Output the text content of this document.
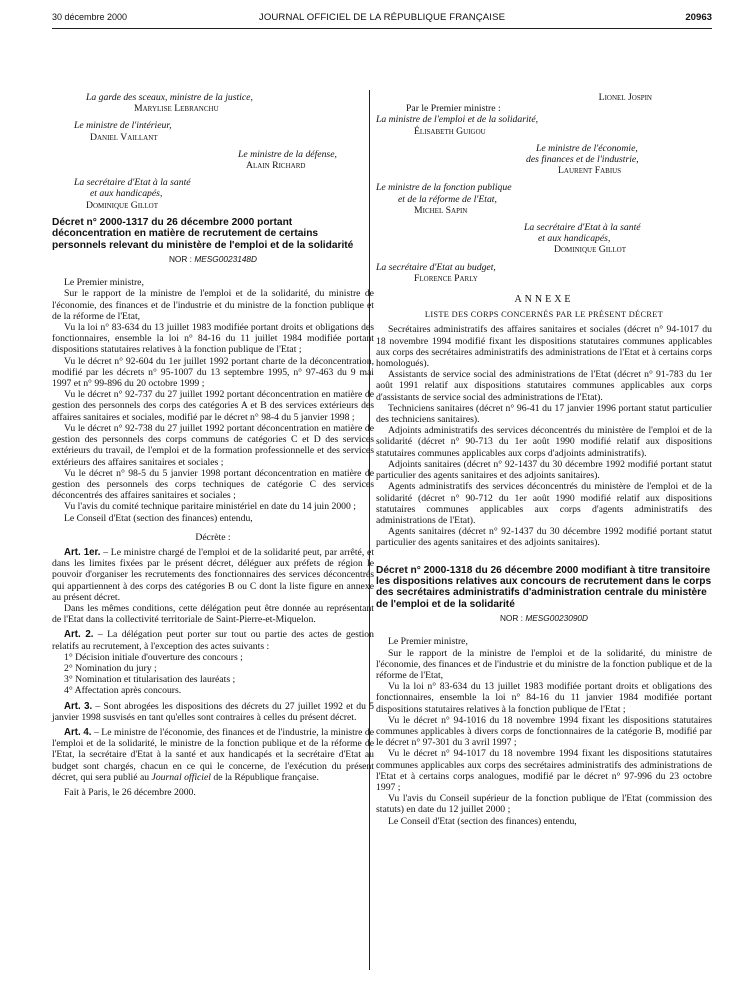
30 décembre 2000	JOURNAL OFFICIEL DE LA RÉPUBLIQUE FRANÇAISE	20963
La garde des sceaux, ministre de la justice,
Marylise Lebranchu
Le ministre de l'intérieur,
Daniel Vaillant
Le ministre de la défense,
Alain Richard
La secrétaire d'Etat à la santé
et aux handicapés,
Dominique Gillot
Décret n° 2000-1317 du 26 décembre 2000 portant déconcentration en matière de recrutement de certains personnels relevant du ministère de l'emploi et de la solidarité
NOR : MESG0023148D

Le Premier ministre,

Sur le rapport de la ministre de l'emploi et de la solidarité, du ministre de l'économie, des finances et de l'industrie et du ministre de la fonction publique et de la réforme de l'Etat,

Vu la loi n° 83-634 du 13 juillet 1983 modifiée portant droits et obligations des fonctionnaires, ensemble la loi n° 84-16 du 11 juillet 1984 modifiée portant dispositions statutaires relatives à la fonction publique de l'Etat ;

Vu le décret n° 92-604 du 1er juillet 1992 portant charte de la déconcentration, modifié par les décrets n° 95-1007 du 13 septembre 1995, n° 97-463 du 9 mai 1997 et n° 99-896 du 20 octobre 1999 ;

Vu le décret n° 92-737 du 27 juillet 1992 portant déconcentration en matière de gestion des personnels des corps des catégories A et B des services extérieurs des affaires sanitaires et sociales, modifié par le décret n° 98-4 du 5 janvier 1998 ;

Vu le décret n° 92-738 du 27 juillet 1992 portant déconcentration en matière de gestion des personnels des corps communs de catégories C et D des services extérieurs du travail, de l'emploi et de la formation professionnelle et des services extérieurs des affaires sanitaires et sociales ;

Vu le décret n° 98-5 du 5 janvier 1998 portant déconcentration en matière de gestion des personnels des corps techniques de catégorie C des services déconcentrés des affaires sanitaires et sociales ;

Vu l'avis du comité technique paritaire ministériel en date du 14 juin 2000 ;

Le Conseil d'Etat (section des finances) entendu,

Décrète :

Art. 1er. – Le ministre chargé de l'emploi et de la solidarité peut, par arrêté, et dans les limites fixées par le présent décret, déléguer aux préfets de région le pouvoir d'organiser les recrutements des fonctionnaires des services déconcentrés qui appartiennent à des corps des catégories B ou C dont la liste figure en annexe au présent décret.

Dans les mêmes conditions, cette délégation peut être donnée au représentant de l'Etat dans la collectivité territoriale de Saint-Pierre-et-Miquelon.

Art. 2. – La délégation peut porter sur tout ou partie des actes de gestion relatifs au recrutement, à l'exception des actes suivants :

1° Décision initiale d'ouverture des concours ;

2° Nomination du jury ;

3° Nomination et titularisation des lauréats ;

4° Affectation après concours.

Art. 3. – Sont abrogées les dispositions des décrets du 27 juillet 1992 et du 5 janvier 1998 susvisés en tant qu'elles sont contraires à celles du présent décret.

Art. 4. – Le ministre de l'économie, des finances et de l'industrie, la ministre de l'emploi et de la solidarité, le ministre de la fonction publique et de la réforme de l'Etat, la secrétaire d'Etat à la santé et aux handicapés et la secrétaire d'Etat au budget sont chargés, chacun en ce qui le concerne, de l'exécution du présent décret, qui sera publié au Journal officiel de la République française.

Fait à Paris, le 26 décembre 2000.

Lionel Jospin
Par le Premier ministre :
La ministre de l'emploi et de la solidarité,
Élisabeth Guigou
Le ministre de l'économie,
des finances et de l'industrie,
Laurent Fabius
Le ministre de la fonction publique
et de la réforme de l'Etat,
Michel Sapin
La secrétaire d'Etat à la santé
et aux handicapés,
Dominique Gillot
La secrétaire d'Etat au budget,
Florence Parly
ANNEXE
LISTE DES CORPS CONCERNÉS PAR LE PRÉSENT DÉCRET

Secrétaires administratifs des affaires sanitaires et sociales (décret n° 94-1017 du 18 novembre 1994 modifié fixant les dispositions statutaires communes applicables aux corps des secrétaires administratifs des administrations de l'Etat et à certains corps homologués).

Assistants de service social des administrations de l'Etat (décret n° 91-783 du 1er août 1991 relatif aux dispositions statutaires communes applicables aux corps d'assistants de service social des administrations de l'Etat).

Techniciens sanitaires (décret n° 96-41 du 17 janvier 1996 portant statut particulier des techniciens sanitaires).

Adjoints administratifs des services déconcentrés du ministère de l'emploi et de la solidarité (décret n° 90-713 du 1er août 1990 modifié relatif aux dispositions statutaires communes applicables aux corps d'adjoints administratifs).

Adjoints sanitaires (décret n° 92-1437 du 30 décembre 1992 modifié portant statut particulier des agents sanitaires et des adjoints sanitaires).

Agents administratifs des services déconcentrés du ministère de l'emploi et de la solidarité (décret n° 90-712 du 1er août 1990 modifié relatif aux dispositions statutaires communes applicables aux corps d'agents administratifs des administrations de l'Etat).

Agents sanitaires (décret n° 92-1437 du 30 décembre 1992 modifié portant statut particulier des agents sanitaires et des adjoints sanitaires).

Décret n° 2000-1318 du 26 décembre 2000 modifiant à titre transitoire les dispositions relatives aux concours de recrutement dans le corps des secrétaires administratifs d'administration centrale du ministère de l'emploi et de la solidarité
NOR : MESG0023090D

Le Premier ministre,

Sur le rapport de la ministre de l'emploi et de la solidarité, du ministre de l'économie, des finances et de l'industrie et du ministre de la fonction publique et de la réforme de l'Etat,

Vu la loi n° 83-634 du 13 juillet 1983 modifiée portant droits et obligations des fonctionnaires, ensemble la loi n° 84-16 du 11 janvier 1984 modifiée portant dispositions statutaires relatives à la fonction publique de l'Etat ;

Vu le décret n° 94-1016 du 18 novembre 1994 fixant les dispositions statutaires communes applicables à divers corps de fonctionnaires de la catégorie B, modifié par le décret n° 97-301 du 3 avril 1997 ;

Vu le décret n° 94-1017 du 18 novembre 1994 fixant les dispositions statutaires communes applicables aux corps des secrétaires administratifs des administrations de l'Etat et à certains corps analogues, modifié par le décret n° 97-996 du 23 octobre 1997 ;

Vu l'avis du Conseil supérieur de la fonction publique de l'Etat (commission des statuts) en date du 12 juillet 2000 ;

Le Conseil d'Etat (section des finances) entendu,
